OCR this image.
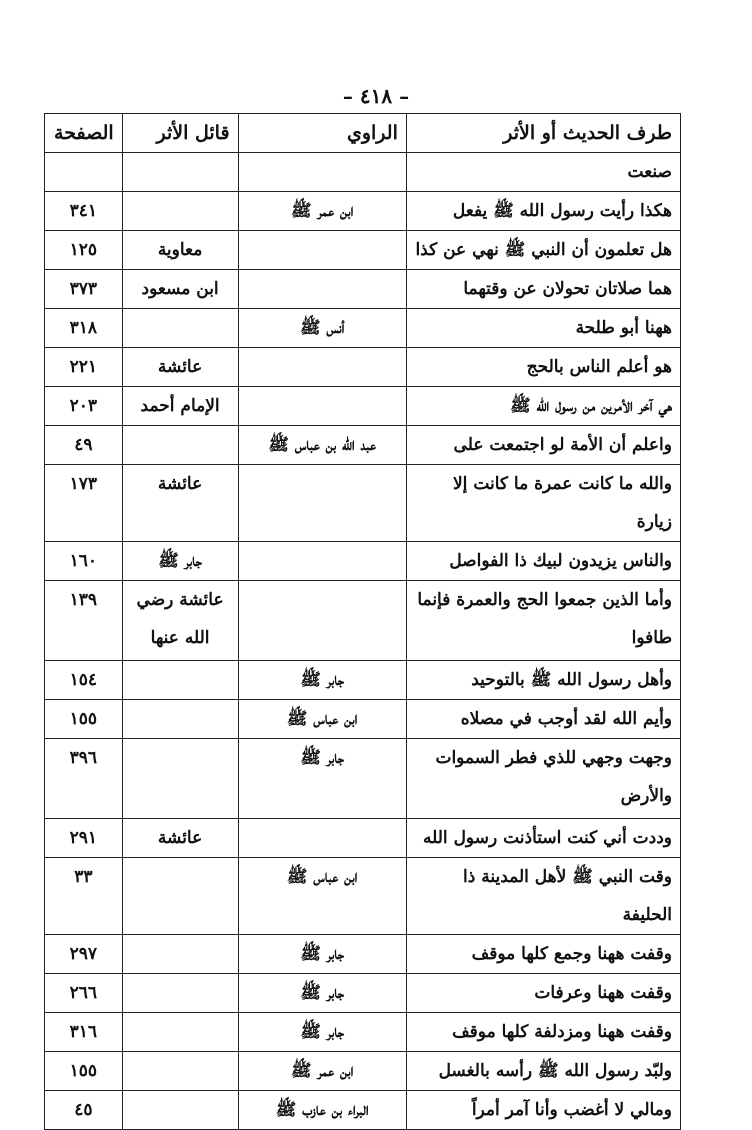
– ٤١٨ –
طرف الحديث أو الأثر	الراوي	قائل الأثر	الصفحة
صنعت			
هكذا رأيت رسول الله ﷺ يفعل	ابن عمر ﷺ		٣٤١
هل تعلمون أن النبي ﷺ نهي عن كذا		معاوية	١٢٥
هما صلاتان تحولان عن وقتهما		ابن مسعود	٣٧٣
ههنا أبو طلحة	أنس ﷺ		٣١٨
هو أعلم الناس بالحج		عائشة	٢٢١
هي آخر الأمرين من رسول الله ﷺ		الإمام أحمد	٢٠٣
واعلم أن الأمة لو اجتمعت على	عبد الله بن عباس ﷺ		٤٩
والله ما كانت عمرة ما كانت إلا زيارة		عائشة	١٧٣
والناس يزيدون لبيك ذا الفواصل		جابر ﷺ	١٦٠
وأما الذين جمعوا الحج والعمرة فإنما طافوا		عائشة رضي الله عنها	١٣٩
وأهل رسول الله ﷺ بالتوحيد	جابر ﷺ		١٥٤
وأيم الله لقد أوجب في مصلاه	ابن عباس ﷺ		١٥٥
وجهت وجهي للذي فطر السموات والأرض	جابر ﷺ		٣٩٦
وددت أني كنت استأذنت رسول الله		عائشة	٢٩١
وقت النبي ﷺ لأهل المدينة ذا الحليفة	ابن عباس ﷺ		٣٣
وقفت ههنا وجمع كلها موقف	جابر ﷺ		٢٩٧
وقفت ههنا وعرفات	جابر ﷺ		٢٦٦
وقفت ههنا ومزدلفة كلها موقف	جابر ﷺ		٣١٦
ولبّد رسول الله ﷺ رأسه بالغسل	ابن عمر ﷺ		١٥٥
ومالي لا أغضب وأنا آمر أمراً	البراء بن عازب ﷺ		٤٥
